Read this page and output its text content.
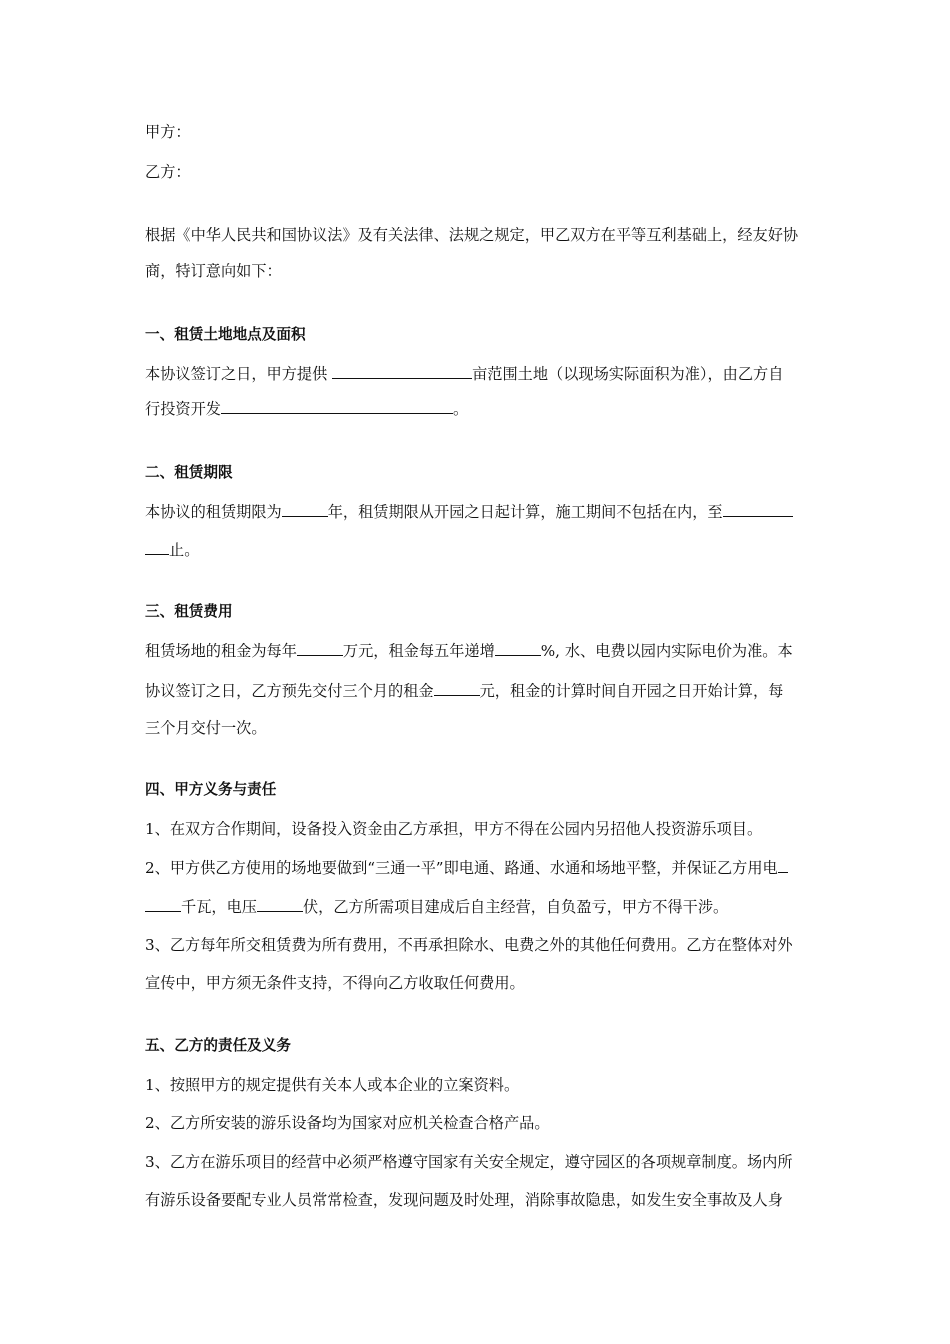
甲方：
乙方：
根据《中华人民共和国协议法》及有关法律、法规之规定，甲乙双方在平等互利基础上，经友好协
商，特订意向如下：
一、租赁土地地点及面积
本协议签订之日，甲方提供	亩范围土地（以现场实际面积为准），由乙方自
行投资开发	。
二、租赁期限
本协议的租赁期限为	年，租赁期限从开园之日起计算，施工期间不包括在内，至
止。
三、租赁费用
租赁场地的租金为每年	万元，租金每五年递增	%, 水、电费以园内实际电价为准。本
协议签订之日，乙方预先交付三个月的租金	元，租金的计算时间自开园之日开始计算，每
三个月交付一次。
四、甲方义务与责任
1、在双方合作期间，设备投入资金由乙方承担，甲方不得在公园内另招他人投资游乐项目。
2、甲方供乙方使用的场地要做到“三通一平”即电通、路通、水通和场地平整，并保证乙方用电
千瓦，电压	伏，乙方所需项目建成后自主经营，自负盈亏，甲方不得干涉。
3、乙方每年所交租赁费为所有费用，不再承担除水、电费之外的其他任何费用。乙方在整体对外
宣传中，甲方须无条件支持，不得向乙方收取任何费用。
五、乙方的责任及义务
1、按照甲方的规定提供有关本人或本企业的立案资料。
2、乙方所安装的游乐设备均为国家对应机关检查合格产品。
3、乙方在游乐项目的经营中必须严格遵守国家有关安全规定，遵守园区的各项规章制度。场内所
有游乐设备要配专业人员常常检查，发现问题及时处理，消除事故隐患，如发生安全事故及人身
